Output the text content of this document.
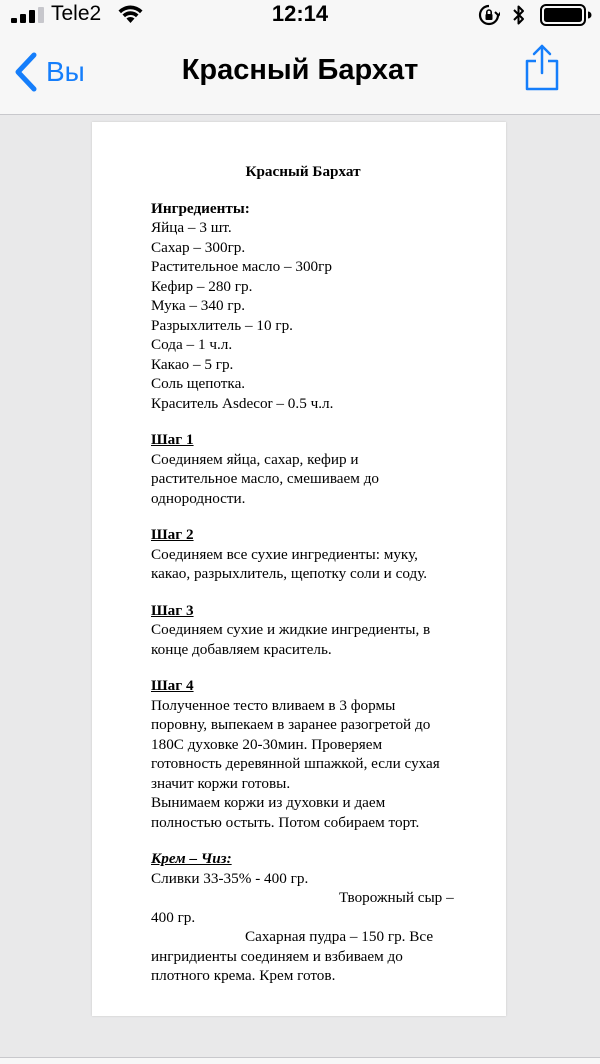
Tele2	12:14
Вы	Красный Бархат
Красный Бархат
Ингредиенты:
Яйца – 3 шт.
Сахар – 300гр.
Растительное масло – 300гр
Кефир – 280 гр.
Мука – 340 гр.
Разрыхлитель – 10 гр.
Сода – 1 ч.л.
Какао – 5 гр.
Соль щепотка.
Краситель Asdecor – 0.5 ч.л.
Шаг 1
Соединяем яйца, сахар, кефир и
растительное масло, смешиваем до
однородности.
Шаг 2
Соединяем все сухие ингредиенты: муку,
какао, разрыхлитель, щепотку соли и соду.
Шаг 3
Соединяем сухие и жидкие ингредиенты, в
конце добавляем краситель.
Шаг 4
Полученное тесто вливаем в 3 формы
поровну, выпекаем в заранее разогретой до
180С духовке 20-30мин. Проверяем
готовность деревянной шпажкой, если сухая
значит коржи готовы.
Вынимаем коржи из духовки и даем
полностью остыть. Потом собираем торт.
Крем – Чиз:
Сливки 33-35% - 400 гр.
Творожный сыр –
400 гр.
Сахарная пудра – 150 гр. Все
ингридиенты соединяем и взбиваем до
плотного крема. Крем готов.
